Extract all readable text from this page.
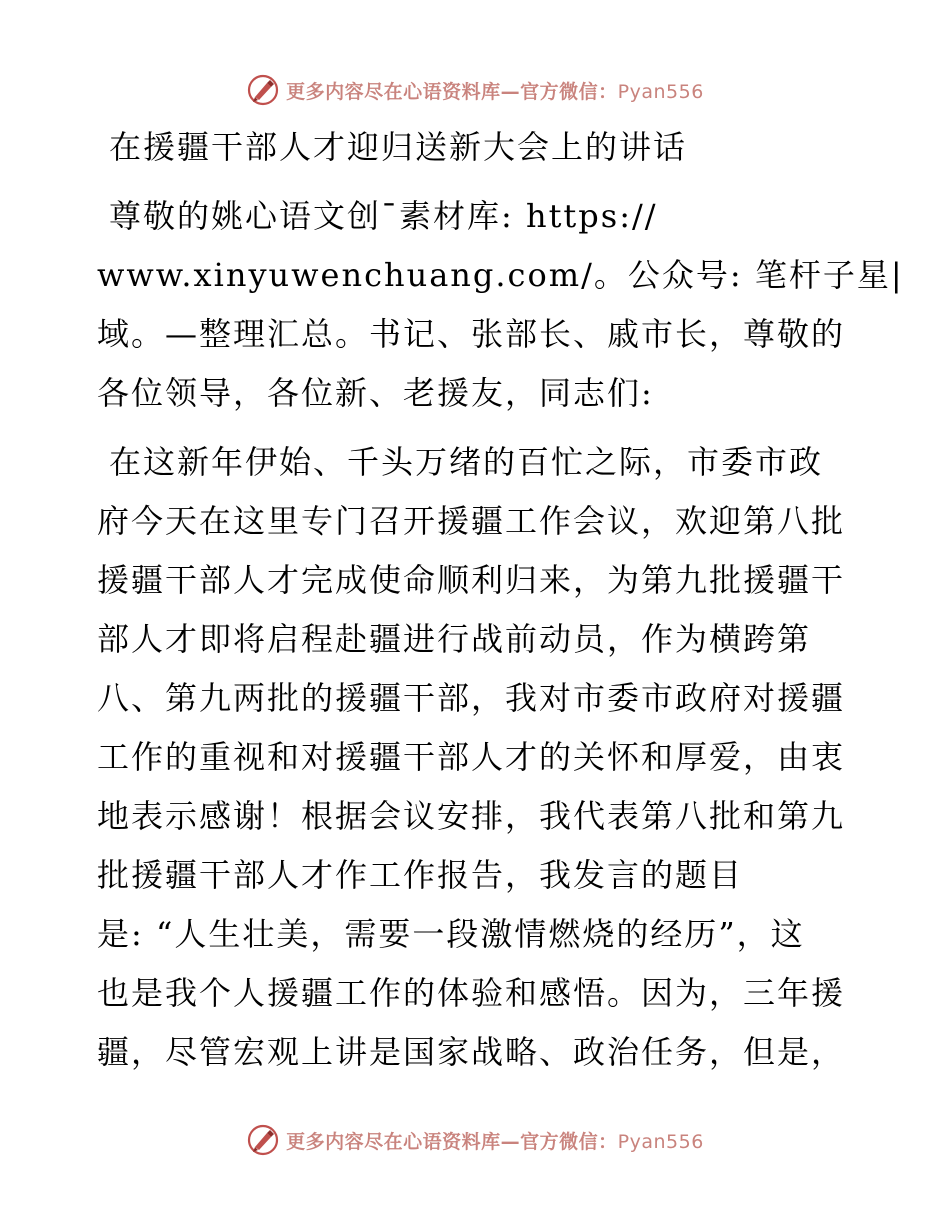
更多内容尽在心语资料库—官方微信：Pyan556
在援疆干部人才迎归送新大会上的讲话
尊敬的姚心语文创¯素材库: https://
www.xinyuwenchuang.com/。公众号: 笔杆子星|
域。—整理汇总。书记、张部长、戚市长，尊敬的
各位领导，各位新、老援友，同志们:
在这新年伊始、千头万绪的百忙之际，市委市政
府今天在这里专门召开援疆工作会议，欢迎第八批
援疆干部人才完成使命顺利归来，为第九批援疆干
部人才即将启程赴疆进行战前动员，作为横跨第
八、第九两批的援疆干部，我对市委市政府对援疆
工作的重视和对援疆干部人才的关怀和厚爱，由衷
地表示感谢！根据会议安排，我代表第八批和第九
批援疆干部人才作工作报告，我发言的题目
是: “人生壮美，需要一段激情燃烧的经历”，这
也是我个人援疆工作的体验和感悟。因为，三年援
疆，尽管宏观上讲是国家战略、政治任务，但是，
更多内容尽在心语资料库—官方微信：Pyan556
